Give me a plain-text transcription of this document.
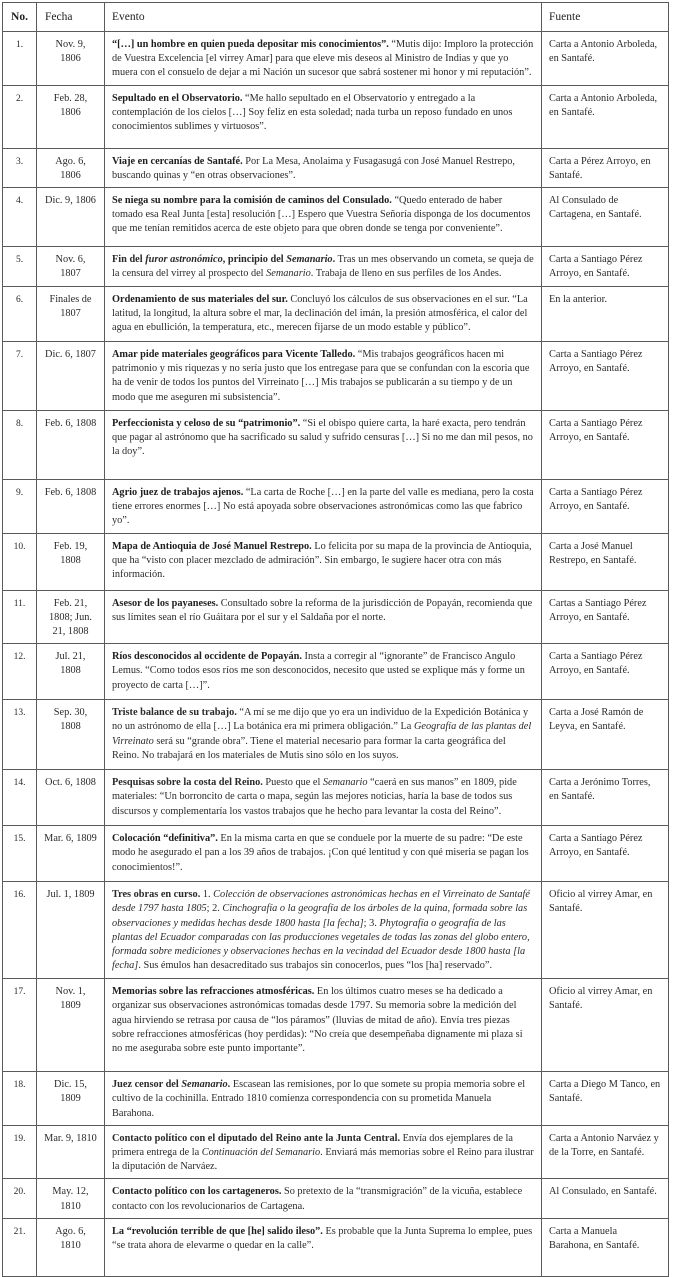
No.	Fecha	Evento	Fuente
1.	Nov. 9, 1806	“[…] un hombre en quien pueda depositar mis conocimientos”. “Mutis dijo: Imploro la protección de Vuestra Excelencia [el virrey Amar] para que eleve mis deseos al Ministro de Indias y que yo muera con el consuelo de dejar a mi Nación un sucesor que sabrá sostener mi honor y mi reputación”.	Carta a Antonio Arboleda, en Santafé.
2.	Feb. 28, 1806	Sepultado en el Observatorio. “Me hallo sepultado en el Observatorio y entregado a la contemplación de los cielos […] Soy feliz en esta soledad; nada turba un reposo fundado en unos conocimientos sublimes y virtuosos”.	Carta a Antonio Arboleda, en Santafé.
3.	Ago. 6, 1806	Viaje en cercanías de Santafé. Por La Mesa, Anolaima y Fusagasugá con José Manuel Restrepo, buscando quinas y “en otras observaciones”.	Carta a Pérez Arroyo, en Santafé.
4.	Dic. 9, 1806	Se niega su nombre para la comisión de caminos del Consulado. “Quedo enterado de haber tomado esa Real Junta [esta] resolución […] Espero que Vuestra Señoría disponga de los documentos que me tenían remitidos acerca de este objeto para que obren donde se tenga por conveniente”.	Al Consulado de Cartagena, en Santafé.
5.	Nov. 6, 1807	Fin del furor astronómico, principio del Semanario. Tras un mes observando un cometa, se queja de la censura del virrey al prospecto del Semanario. Trabaja de lleno en sus perfiles de los Andes.	Carta a Santiago Pérez Arroyo, en Santafé.
6.	Finales de 1807	Ordenamiento de sus materiales del sur. Concluyó los cálculos de sus observaciones en el sur. “La latitud, la longitud, la altura sobre el mar, la declinación del imán, la presión atmosférica, el calor del agua en ebullición, la temperatura, etc., merecen fijarse de un modo estable y público”.	En la anterior.
7.	Dic. 6, 1807	Amar pide materiales geográficos para Vicente Talledo. “Mis trabajos geográficos hacen mi patrimonio y mis riquezas y no sería justo que los entregase para que se confundan con la escoria que ha de venir de todos los puntos del Virreinato […] Mis trabajos se publicarán a su tiempo y de un modo que me aseguren mi subsistencia”.	Carta a Santiago Pérez Arroyo, en Santafé.
8.	Feb. 6, 1808	Perfeccionista y celoso de su “patrimonio”. “Si el obispo quiere carta, la haré exacta, pero tendrán que pagar al astrónomo que ha sacrificado su salud y sufrido censuras […] Si no me dan mil pesos, no la doy”.	Carta a Santiago Pérez Arroyo, en Santafé.
9.	Feb. 6, 1808	Agrio juez de trabajos ajenos. “La carta de Roche […] en la parte del valle es mediana, pero la costa tiene errores enormes […] No está apoyada sobre observaciones astronómicas como las que fabrico yo”.	Carta a Santiago Pérez Arroyo, en Santafé.
10.	Feb. 19, 1808	Mapa de Antioquia de José Manuel Restrepo. Lo felicita por su mapa de la provincia de Antioquia, que ha “visto con placer mezclado de admiración”. Sin embargo, le sugiere hacer otra con más información.	Carta a José Manuel Restrepo, en Santafé.
11.	Feb. 21, 1808; Jun. 21, 1808	Asesor de los payaneses. Consultado sobre la reforma de la jurisdicción de Popayán, recomienda que sus límites sean el río Guáitara por el sur y el Saldaña por el norte.	Cartas a Santiago Pérez Arroyo, en Santafé.
12.	Jul. 21, 1808	Ríos desconocidos al occidente de Popayán. Insta a corregir al “ignorante” de Francisco Angulo Lemus. “Como todos esos ríos me son desconocidos, necesito que usted se explique más y forme un proyecto de carta […]”.	Carta a Santiago Pérez Arroyo, en Santafé.
13.	Sep. 30, 1808	Triste balance de su trabajo. “A mí se me dijo que yo era un individuo de la Expedición Botánica y no un astrónomo de ella […] La botánica era mi primera obligación.” La Geografía de las plantas del Virreinato será su “grande obra”. Tiene el material necesario para formar la carta geográfica del Reino. No trabajará en los materiales de Mutis sino sólo en los suyos.	Carta a José Ramón de Leyva, en Santafé.
14.	Oct. 6, 1808	Pesquisas sobre la costa del Reino. Puesto que el Semanario “caerá en sus manos” en 1809, pide materiales: “Un borroncito de carta o mapa, según las mejores noticias, haría la base de todos sus discursos y complementaría los vastos trabajos que he hecho para levantar la costa del Reino”.	Carta a Jerónimo Torres, en Santafé.
15.	Mar. 6, 1809	Colocación “definitiva”. En la misma carta en que se conduele por la muerte de su padre: “De este modo he asegurado el pan a los 39 años de trabajos. ¡Con qué lentitud y con qué miseria se pagan los conocimientos!”.	Carta a Santiago Pérez Arroyo, en Santafé.
16.	Jul. 1, 1809	Tres obras en curso. 1. Colección de observaciones astronómicas hechas en el Virreinato de Santafé desde 1797 hasta 1805; 2. Cinchografía o la geografía de los árboles de la quina, formada sobre las observaciones y medidas hechas desde 1800 hasta [la fecha]; 3. Phytografía o geografía de las plantas del Ecuador comparadas con las producciones vegetales de todas las zonas del globo entero, formada sobre mediciones y observaciones hechas en la vecindad del Ecuador desde 1800 hasta [la fecha]. Sus émulos han desacreditado sus trabajos sin conocerlos, pues “los [ha] reservado”.	Oficio al virrey Amar, en Santafé.
17.	Nov. 1, 1809	Memorias sobre las refracciones atmosféricas. En los últimos cuatro meses se ha dedicado a organizar sus observaciones astronómicas tomadas desde 1797. Su memoria sobre la medición del agua hirviendo se retrasa por causa de “los páramos” (lluvias de mitad de año). Envía tres piezas sobre refracciones atmosféricas (hoy perdidas): “No creía que desempeñaba dignamente mi plaza si no me aseguraba sobre este punto importante”.	Oficio al virrey Amar, en Santafé.
18.	Dic. 15, 1809	Juez censor del Semanario. Escasean las remisiones, por lo que somete su propia memoria sobre el cultivo de la cochinilla. Entrado 1810 comienza correspondencia con su prometida Manuela Barahona.	Carta a Diego M Tanco, en Santafé.
19.	Mar. 9, 1810	Contacto político con el diputado del Reino ante la Junta Central. Envía dos ejemplares de la primera entrega de la Continuación del Semanario. Enviará más memorias sobre el Reino para ilustrar la diputación de Narváez.	Carta a Antonio Narváez y de la Torre, en Santafé.
20.	May. 12, 1810	Contacto político con los cartageneros. So pretexto de la “transmigración” de la vicuña, establece contacto con los revolucionarios de Cartagena.	Al Consulado, en Santafé.
21.	Ago. 6, 1810	La “revolución terrible de que [he] salido ileso”. Es probable que la Junta Suprema lo emplee, pues “se trata ahora de elevarme o quedar en la calle”.	Carta a Manuela Barahona, en Santafé.
